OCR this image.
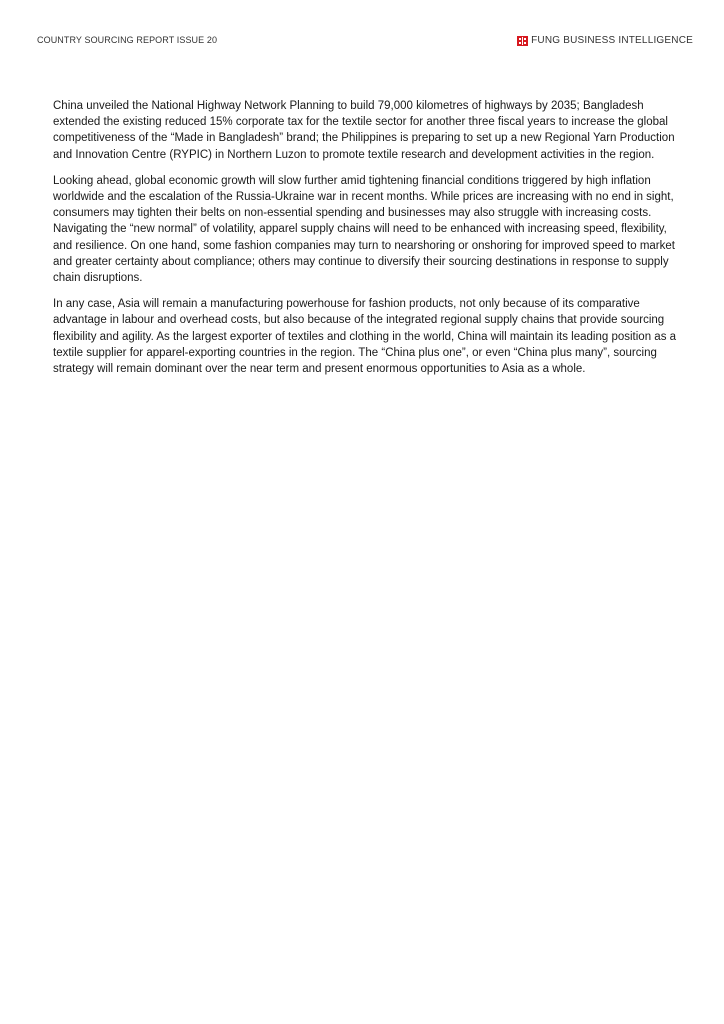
COUNTRY SOURCING REPORT ISSUE 20	FUNG BUSINESS INTELLIGENCE

China unveiled the National Highway Network Planning to build 79,000 kilometres of highways by 2035; Bangladesh extended the existing reduced 15% corporate tax for the textile sector for another three fiscal years to increase the global competitiveness of the “Made in Bangladesh” brand; the Philippines is preparing to set up a new Regional Yarn Production and Innovation Centre (RYPIC) in Northern Luzon to promote textile research and development activities in the region.

Looking ahead, global economic growth will slow further amid tightening financial conditions triggered by high inflation worldwide and the escalation of the Russia-Ukraine war in recent months. While prices are increasing with no end in sight, consumers may tighten their belts on non-essential spending and businesses may also struggle with increasing costs. Navigating the “new normal” of volatility, apparel supply chains will need to be enhanced with increasing speed, flexibility, and resilience. On one hand, some fashion companies may turn to nearshoring or onshoring for improved speed to market and greater certainty about compliance; others may continue to diversify their sourcing destinations in response to supply chain disruptions.

In any case, Asia will remain a manufacturing powerhouse for fashion products, not only because of its comparative advantage in labour and overhead costs, but also because of the integrated regional supply chains that provide sourcing flexibility and agility. As the largest exporter of textiles and clothing in the world, China will maintain its leading position as a textile supplier for apparel-exporting countries in the region. The “China plus one”, or even “China plus many”, sourcing strategy will remain dominant over the near term and present enormous opportunities to Asia as a whole.
